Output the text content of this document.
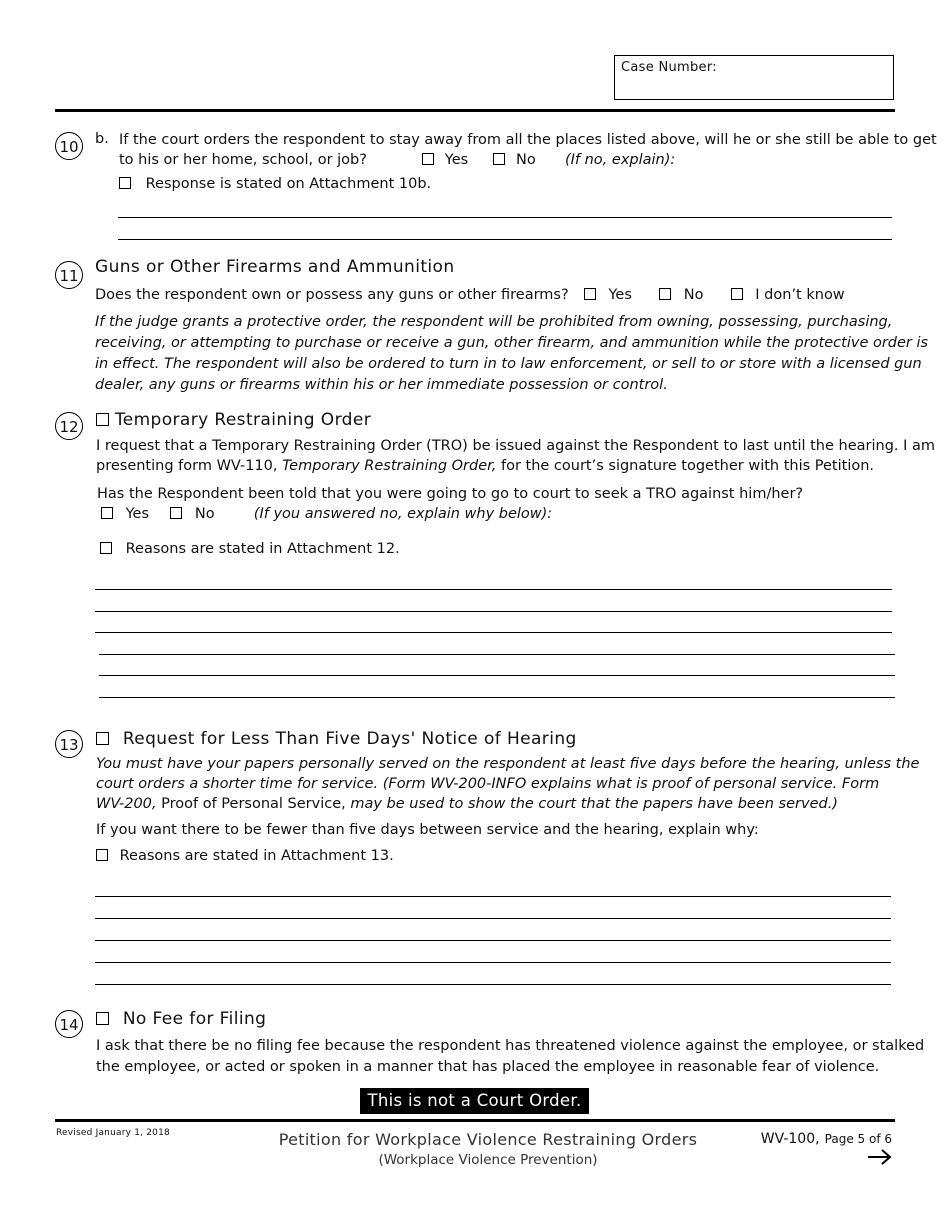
Case Number:
10	b. If the court orders the respondent to stay away from all the places listed above, will he or she still be able to get
to his or her home, school, or job?	Yes	No (If no, explain):
Response is stated on Attachment 10b.
11 Guns or Other Firearms and Ammunition
Does the respondent own or possess any guns or other firearms?	Yes	No	I don’t know
If the judge grants a protective order, the respondent will be prohibited from owning, possessing, purchasing,
receiving, or attempting to purchase or receive a gun, other firearm, and ammunition while the protective order is
in effect. The respondent will also be ordered to turn in to law enforcement, or sell to or store with a licensed gun
dealer, any guns or firearms within his or her immediate possession or control.
12	Temporary Restraining Order
I request that a Temporary Restraining Order (TRO) be issued against the Respondent to last until the hearing. I am
presenting form WV-110, Temporary Restraining Order, for the court’s signature together with this Petition.
Has the Respondent been told that you were going to go to court to seek a TRO against him/her?
Yes	No	(If you answered no, explain why below):
Reasons are stated in Attachment 12.
13	Request for Less Than Five Days' Notice of Hearing
You must have your papers personally served on the respondent at least five days before the hearing, unless the
court orders a shorter time for service. (Form WV-200-INFO explains what is proof of personal service. Form
WV-200, Proof of Personal Service, may be used to show the court that the papers have been served.)
If you want there to be fewer than five days between service and the hearing, explain why:
Reasons are stated in Attachment 13.
14	No Fee for Filing
I ask that there be no filing fee because the respondent has threatened violence against the employee, or stalked
the employee, or acted or spoken in a manner that has placed the employee in reasonable fear of violence.
This is not a Court Order.
Revised January 1, 2018	Petition for Workplace Violence Restraining Orders
(Workplace Violence Prevention)
WV-100, Page 5 of 6
